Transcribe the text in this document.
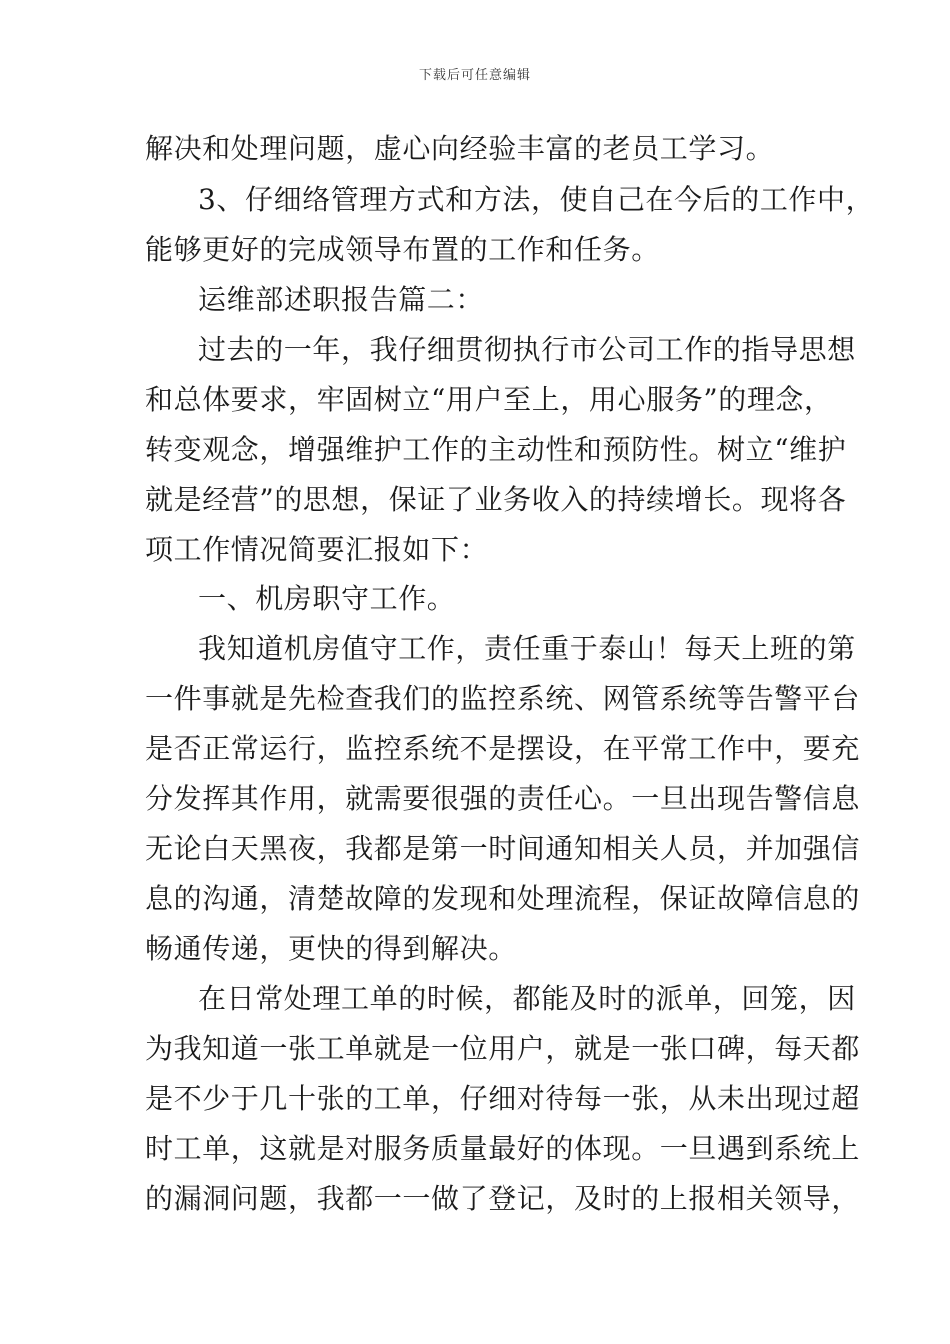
下载后可任意编辑
解决和处理问题，虚心向经验丰富的老员工学习。
3、仔细络管理方式和方法，使自己在今后的工作中，
能够更好的完成领导布置的工作和任务。
运维部述职报告篇二：
过去的一年，我仔细贯彻执行市公司工作的指导思想
和总体要求，牢固树立“用户至上，用心服务”的理念，
转变观念，增强维护工作的主动性和预防性。树立“维护
就是经营”的思想，保证了业务收入的持续增长。现将各
项工作情况简要汇报如下：
一、机房职守工作。
我知道机房值守工作，责任重于泰山！每天上班的第
一件事就是先检查我们的监控系统、网管系统等告警平台
是否正常运行，监控系统不是摆设，在平常工作中，要充
分发挥其作用，就需要很强的责任心。一旦出现告警信息
无论白天黑夜，我都是第一时间通知相关人员，并加强信
息的沟通，清楚故障的发现和处理流程，保证故障信息的
畅通传递，更快的得到解决。
在日常处理工单的时候，都能及时的派单，回笼，因
为我知道一张工单就是一位用户，就是一张口碑，每天都
是不少于几十张的工单，仔细对待每一张，从未出现过超
时工单，这就是对服务质量最好的体现。一旦遇到系统上
的漏洞问题，我都一一做了登记，及时的上报相关领导，
